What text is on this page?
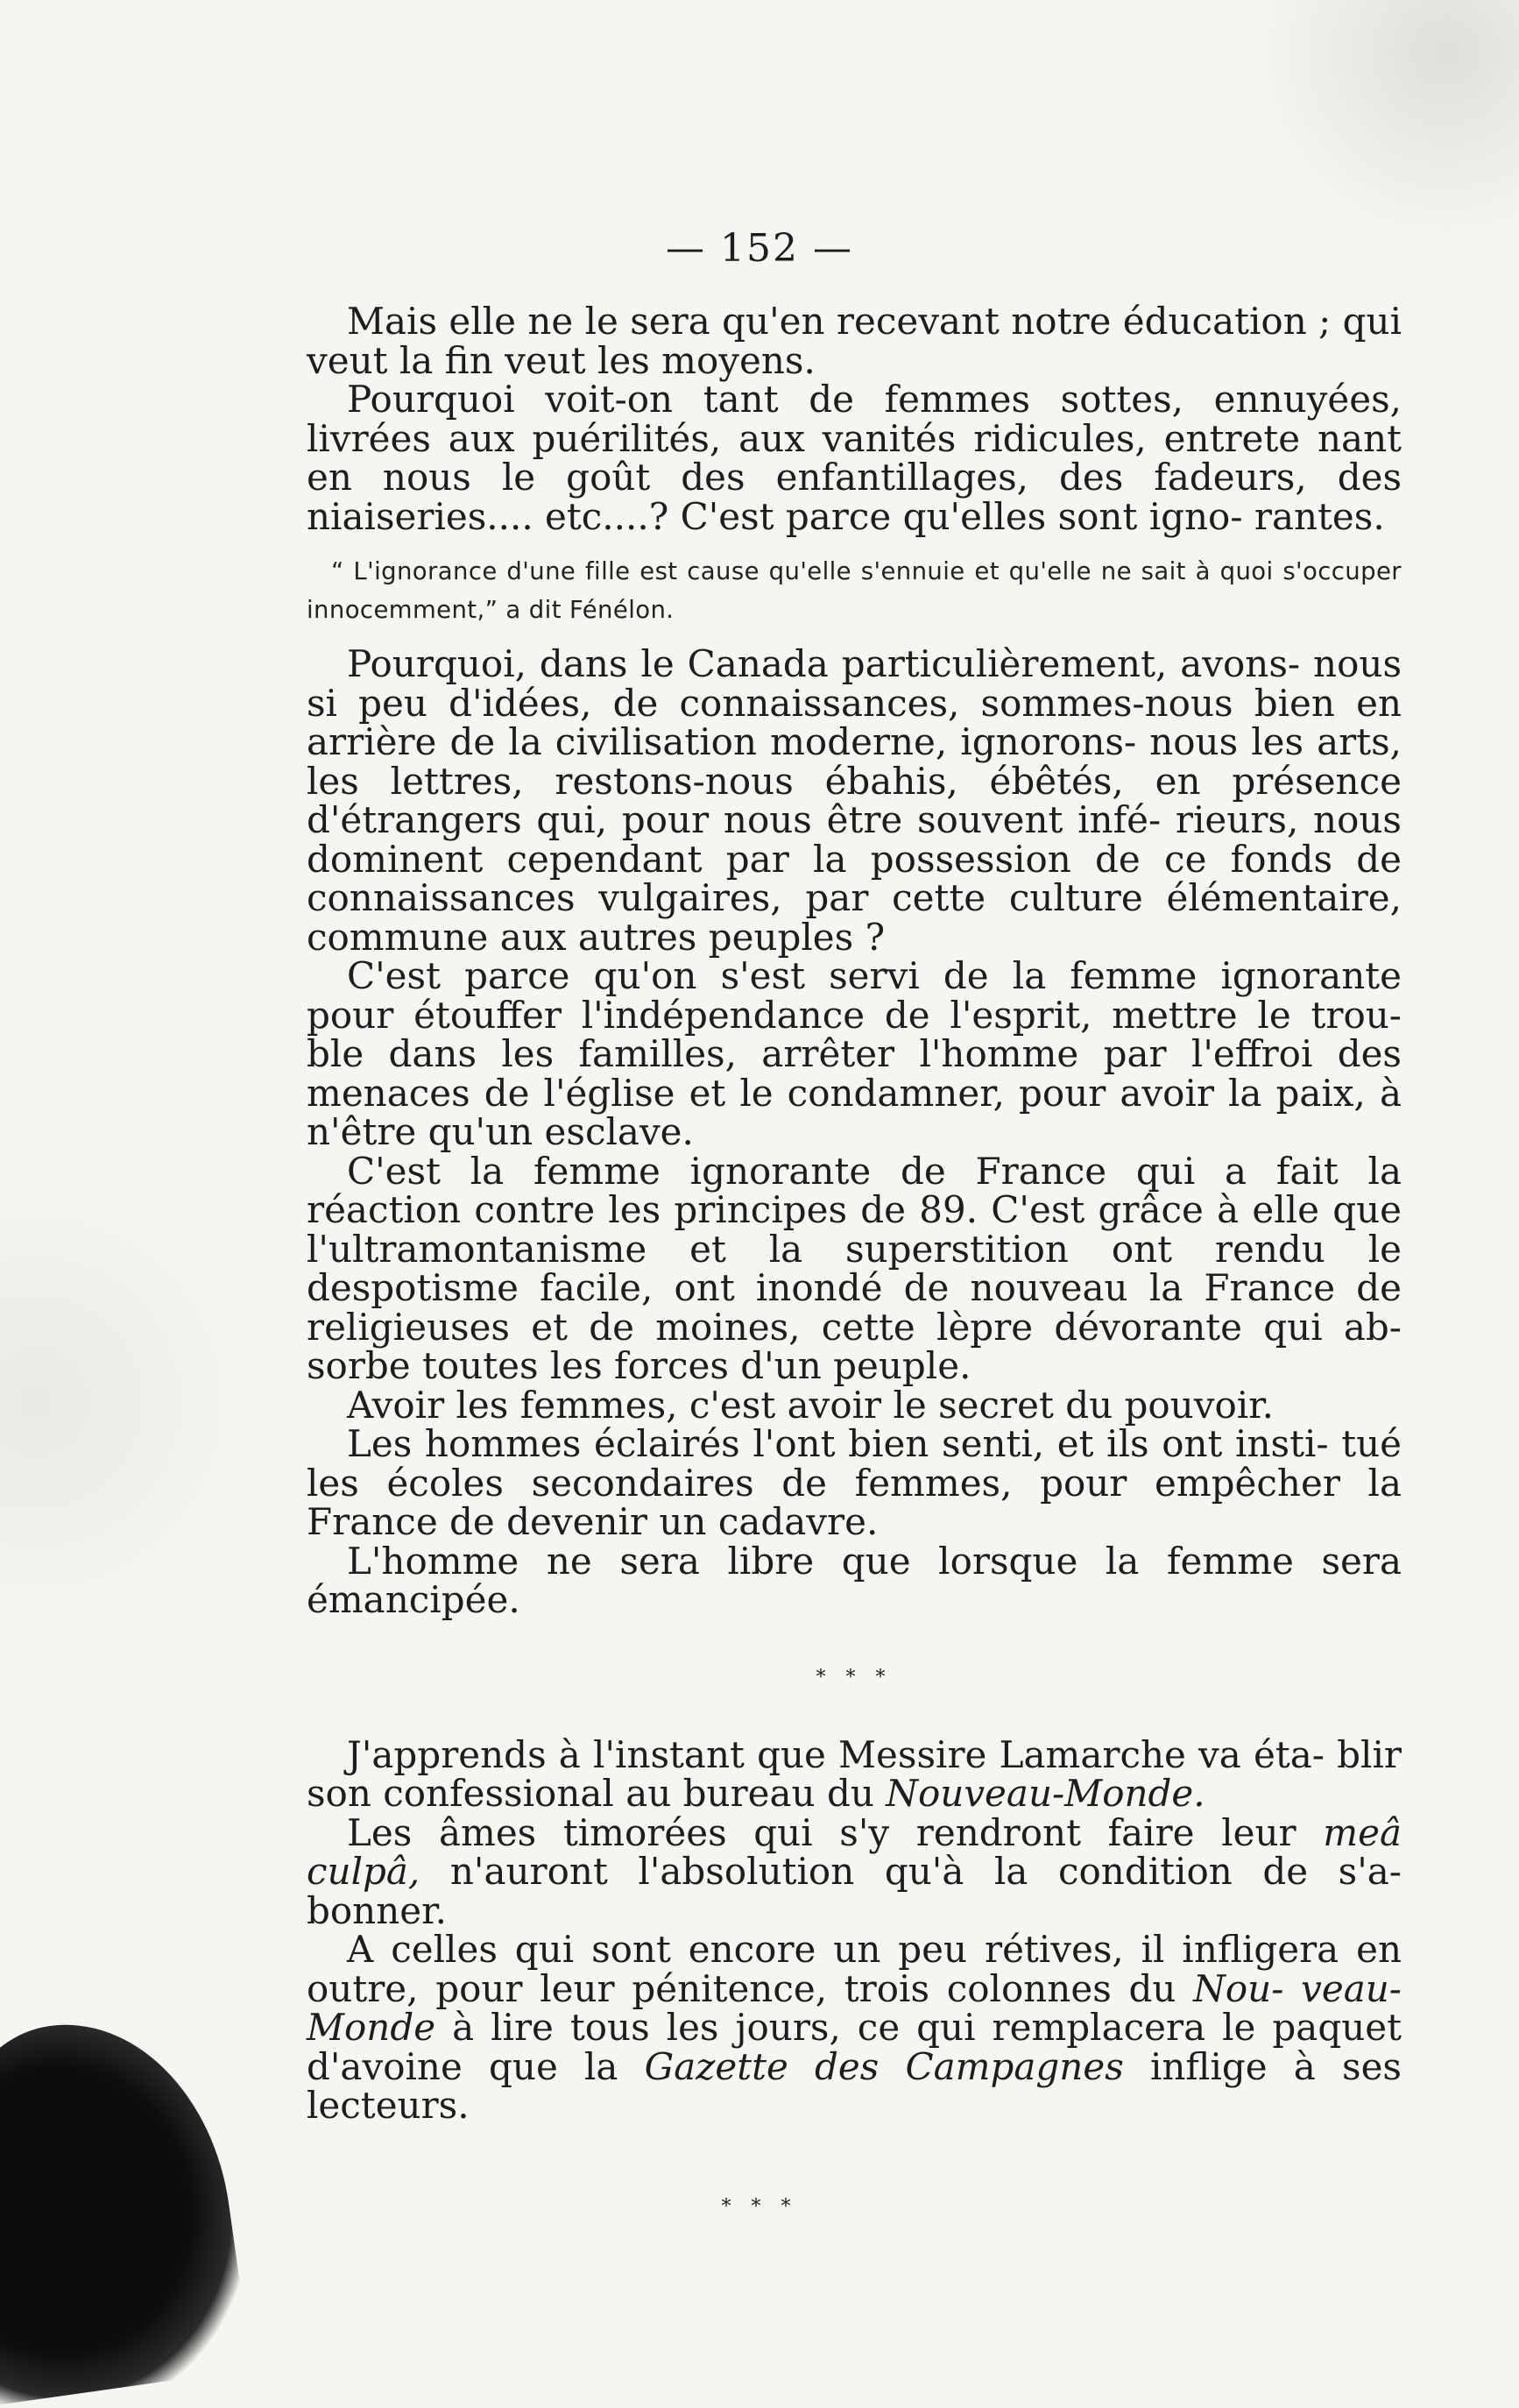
— 152 —

Mais elle ne le sera qu'en recevant notre éducation ; qui veut la fin veut les moyens.

Pourquoi voit-on tant de femmes sottes, ennuyées, livrées aux puérilités, aux vanités ridicules, entrete nant en nous le goût des enfantillages, des fadeurs, des niaiseries.... etc....? C'est parce qu'elles sont igno- rantes.

“ L'ignorance d'une fille est cause qu'elle s'ennuie et qu'elle ne sait à quoi s'occuper innocemment,” a dit Fénélon.

Pourquoi, dans le Canada particulièrement, avons- nous si peu d'idées, de connaissances, sommes-nous bien en arrière de la civilisation moderne, ignorons- nous les arts, les lettres, restons-nous ébahis, ébêtés, en présence d'étrangers qui, pour nous être souvent infé- rieurs, nous dominent cependant par la possession de ce fonds de connaissances vulgaires, par cette culture élémentaire, commune aux autres peuples ?

C'est parce qu'on s'est servi de la femme ignorante pour étouffer l'indépendance de l'esprit, mettre le trou- ble dans les familles, arrêter l'homme par l'effroi des menaces de l'église et le condamner, pour avoir la paix, à n'être qu'un esclave.

C'est la femme ignorante de France qui a fait la réaction contre les principes de 89. C'est grâce à elle que l'ultramontanisme et la superstition ont rendu le despotisme facile, ont inondé de nouveau la France de religieuses et de moines, cette lèpre dévorante qui ab- sorbe toutes les forces d'un peuple.

Avoir les femmes, c'est avoir le secret du pouvoir.

Les hommes éclairés l'ont bien senti, et ils ont insti- tué les écoles secondaires de femmes, pour empêcher la France de devenir un cadavre.

L'homme ne sera libre que lorsque la femme sera émancipée.

* * *

J'apprends à l'instant que Messire Lamarche va éta- blir son confessional au bureau du Nouveau-Monde.

Les âmes timorées qui s'y rendront faire leur meâ culpâ, n'auront l'absolution qu'à la condition de s'a- bonner.

A celles qui sont encore un peu rétives, il infligera en outre, pour leur pénitence, trois colonnes du Nou- veau-Monde à lire tous les jours, ce qui remplacera le paquet d'avoine que la Gazette des Campagnes inflige à ses lecteurs.

* * *
